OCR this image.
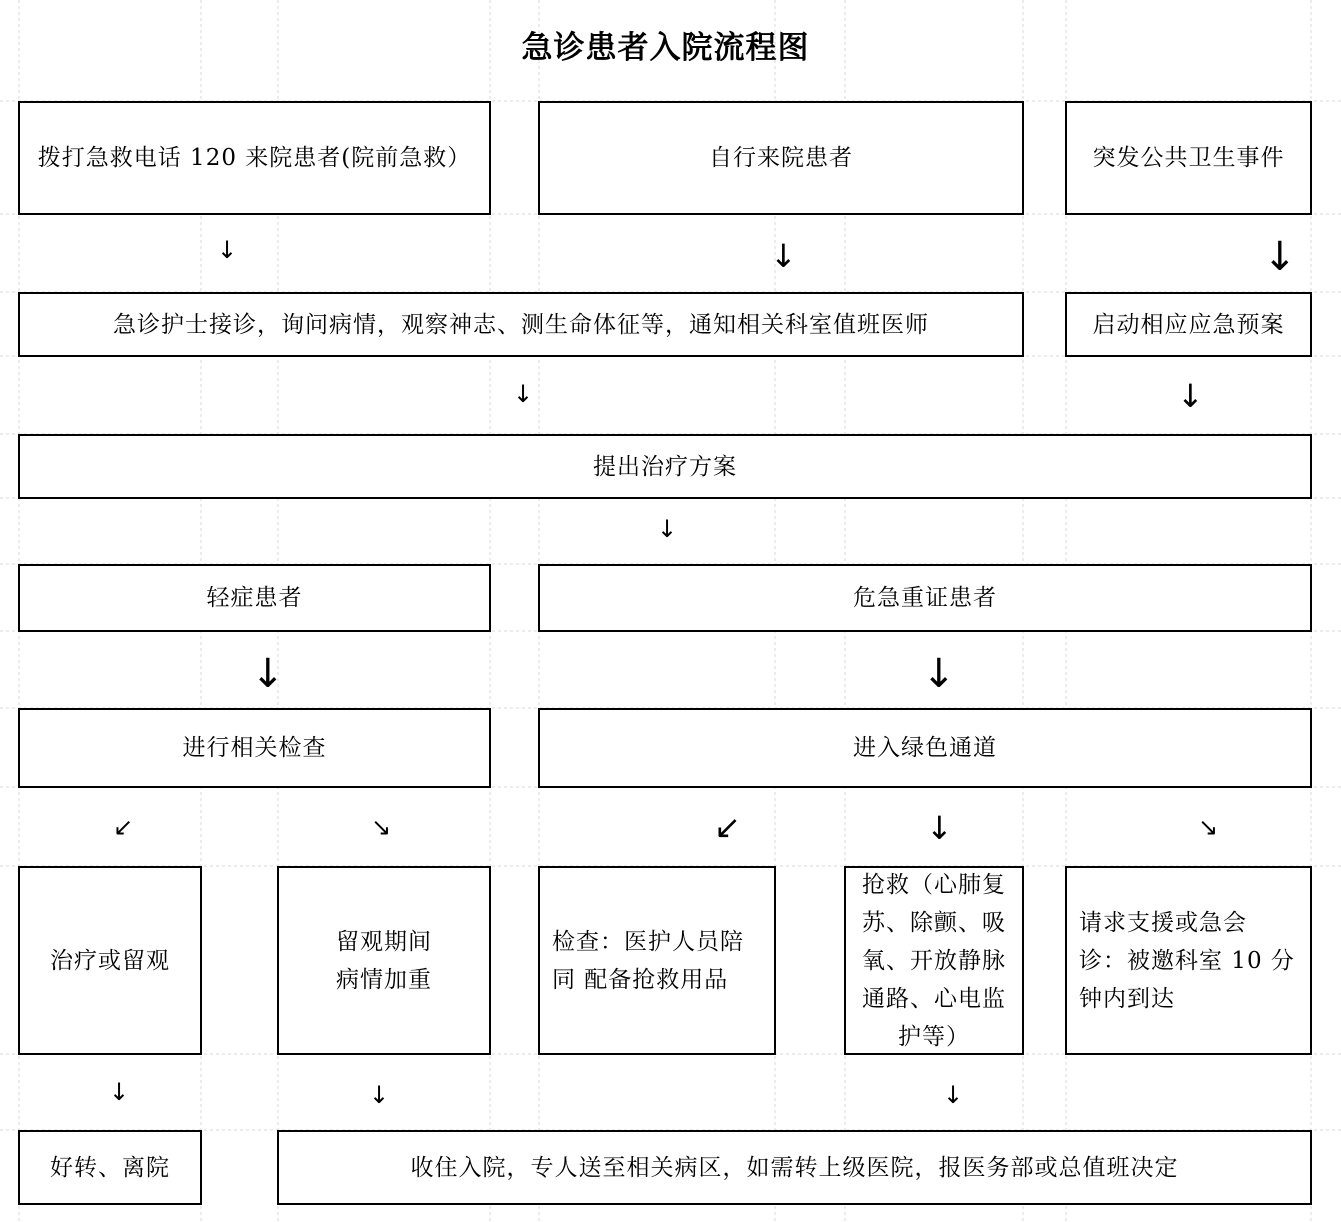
急诊患者入院流程图
拨打急救电话 120 来院患者(院前急救）	自行来院患者	突发公共卫生事件
↓	↓	↓
急诊护士接诊，询问病情，观察神志、测生命体征等，通知相关科室值班医师	启动相应应急预案
↓	↓
提出治疗方案
↓
轻症患者	危急重证患者
↓	↓
进行相关检查	进入绿色通道
↙	↘	↙	↓	↘
治疗或留观
留观期间
病情加重
检查：医护人员陪
同 配备抢救用品
抢救（心肺复
苏、除颤、吸
氧、开放静脉
通路、心电监
护等）
请求支援或急会
诊：被邀科室 10 分
钟内到达
↓	↓	↓
好转、离院	收住入院，专人送至相关病区，如需转上级医院，报医务部或总值班决定
